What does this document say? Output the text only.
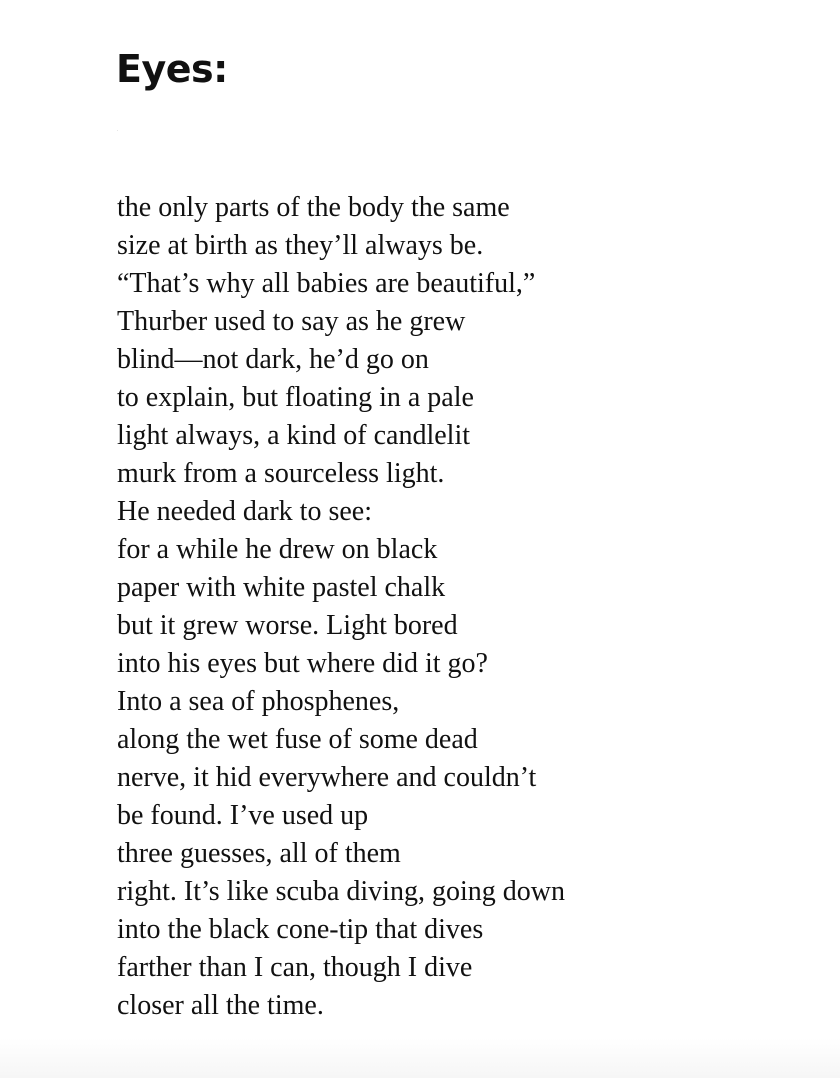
Eyes:
the only parts of the body the same
size at birth as they’ll always be.
“That’s why all babies are beautiful,”
Thurber used to say as he grew
blind—not dark, he’d go on
to explain, but floating in a pale
light always, a kind of candlelit
murk from a sourceless light.
He needed dark to see:
for a while he drew on black
paper with white pastel chalk
but it grew worse. Light bored
into his eyes but where did it go?
Into a sea of phosphenes,
along the wet fuse of some dead
nerve, it hid everywhere and couldn’t
be found. I’ve used up
three guesses, all of them
right. It’s like scuba diving, going down
into the black cone-tip that dives
farther than I can, though I dive
closer all the time.
